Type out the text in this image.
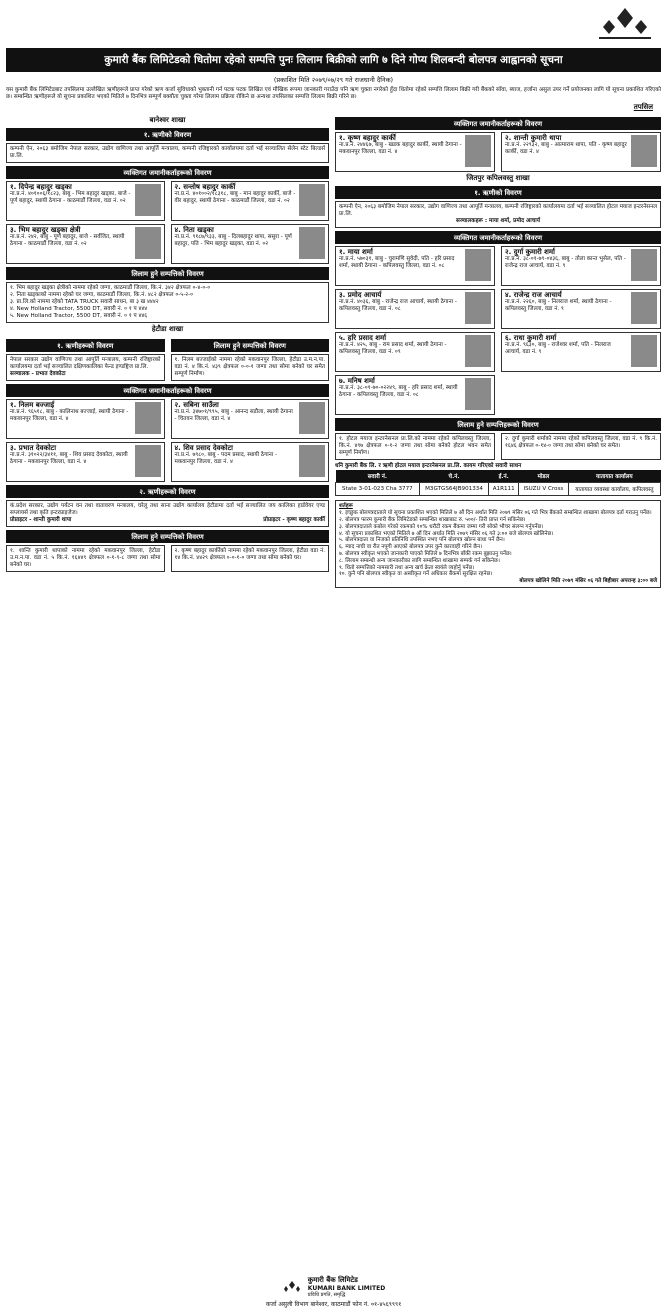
कुमारी बैंक लिमिटेडको धितोमा रहेको सम्पत्ति पुनः लिलाम बिक्रीको लागि ७ दिने गोप्य शिलबन्दी बोलपत्र आह्वानको सूचना
(प्रकाशित मिति २०७९/०७/२९ गते राजधानी दैनिक)
यस कुमारी बैंक लिमिटेडबाट तपसिलमा उल्लेखित ऋणीहरूले प्राप्त गरेको ऋण कर्जा सुविधाको भुक्तानी गर्न पटक पटक लिखित एवं मौखिक रूपमा जानकारी गराउँदा पनि ऋण चुक्ता नगरेको हुँदा धितोमा रहेको सम्पत्ति लिलाम बिक्री गरी बैंकको साँवा, ब्याज, हर्जाना असुल उपर गर्ने प्रयोजनका लागि यो सूचना प्रकाशित गरिएको छ। सम्बन्धित ऋणीहरूले यो सूचना प्रकाशित भएको मितिले ७ दिनभित्र सम्पूर्ण बक्यौता चुक्ता गरेमा लिलाम प्रक्रिया रोकिने छ अन्यथा तपसिलका सम्पत्ति लिलाम बिक्री गरिने छ।
तपसिल
बानेश्वर शाखा
१. ऋणीको विवरण
कम्पनी ऐन, २०६३ बमोजिम नेपाल सरकार, उद्योग वाणिज्य तथा आपूर्ति मन्त्रालय, कम्पनी रजिष्ट्रारको कार्यालयमा दर्ता भई सञ्चालित सेलेन स्टेट बिल्डर्स प्रा.लि.
व्यक्तिगत जमानीकर्ताहरूको विवरण
१. दिपेन्द्र बहादुर खड्का
ना.प्र.नं. ४०१००६/१८२३, बाबु - भिम बहादुर खड्का, बाजे - पूर्ण बहादुर, स्थायी ठेगाना - काठमाडौं जिल्ला, वडा नं. ०२
२. सन्तोष बहादुर कार्की
ना.प्र.नं. ४०१००२/१८३१८, बाबु - मान बहादुर कार्की, बाजे - वीर बहादुर, स्थायी ठेगाना - काठमाडौं जिल्ला, वडा नं. ०२
३. भिम बहादुर खड्का क्षेत्री
ना.प्र.नं. २४२, बाबु - पूर्ण बहादुर, बाजे - सर्वजित, स्थायी ठेगाना - काठमाडौं जिल्ला, वडा नं. ०२
४. निता खड्का
ना.प्र.नं. ९१८७/९३३, बाबु - दिलबहादुर थापा, ससुरा - पूर्ण बहादुर, पति - भिम बहादुर खड्का, वडा नं. ०२
लिलाम हुने सम्पत्तिको विवरण
१. भिम बहादुर खड्का क्षेत्रीको नाममा रहेको जग्गा, काठमाडौं जिल्ला, कि.नं. ३४२ क्षेत्रफल ०-४-०-०
२. निता खड्काको नाममा रहेको घर जग्गा, काठमाडौं जिल्ला, कि.नं. ४८२ क्षेत्रफल ०-५-२-०
३. प्रा.लि.को नाममा रहेको TATA TRUCK सवारी साधन, बा ३ ख ४४४२
४. New Holland Tractor, 5500 DT, सवारी नं. ० १ प ४४४
५. New Holland Tractor, 5500 DT, सवारी नं. ० १ प ४४६
हेटौडा शाखा
१. ऋणीहरूको विवरण
नेपाल सरकार उद्योग वाणिज्य तथा आपूर्ति मन्त्रालय, कम्पनी रजिष्ट्रारको कार्यालयमा दर्ता भई सञ्चालित दक्षिणकालिका फेन्ड इण्डष्ट्रिज प्रा.लि.
सञ्चालक - प्रभात देवकोटा
लिलाम हुने सम्पत्तिको विवरण
१. निलम बज्जाईको नाममा रहेको मकवानपुर जिल्ला, हेटौडा उ.म.न.पा. वडा नं. ४ कि.नं. ४३९ क्षेत्रफल ०-०-१ जग्गा तथा सोमा बनेको घर समेत सम्पूर्ण निर्माण।
व्यक्तिगत जमानीकर्ताहरूको विवरण
१. निलम बज्जाई
ना.प्र.नं. ९६५१८, बाबु - कालिनाथ बज्जाई, स्थायी ठेगाना - मकवानपुर जिल्ला, वडा नं. ४
२. सबिना साउँला
ना.प्र.नं. ३४७०१/९९५, बाबु - आनन्द सडौला, स्थायी ठेगाना - चितवन जिल्ला, वडा नं. ४
३. प्रभात देवकोटा
ना.प्र.नं. ३१०२२/३४११, बाबु - शिव प्रसाद देवकोटा, स्थायी ठेगाना - मकवानपुर जिल्ला, वडा नं. ४
४. शिव प्रसाद देवकोटा
ना.प्र.नं. ७९८०, बाबु - पदम प्रसाद, स्थायी ठेगाना - मकवानपुर जिल्ला, वडा नं. ४
२. ऋणीहरूको विवरण
कं.प्रदेश सरकार, उद्योग पर्यटन वन तथा वातावरण मन्त्रालय, घरेलु तथा साना उद्योग कार्यालय हेटौडामा दर्ता भई सञ्चालित जय कालिका हार्डवेयर एण्ड सप्लायर्स तथा कृति इन्टरप्राइजेज।
प्रोप्राइटर - शान्ती कुमारी थापा	प्रोप्राइटर - कृष्ण बहादुर कार्की
लिलाम हुने सम्पत्तिको विवरण
१. शान्ति कुमारी थापाको नाममा रहेको मकवानपुर जिल्ला, हेटौडा उ.म.न.पा. वडा नं. ५ कि.नं. १६४४९ क्षेत्रफल ०-१-९-८ जग्गा तथा सोमा बनेको घर।
२. कृष्ण बहादुर कार्कीको नाममा रहेको मकवानपुर जिल्ला, हेटौडा वडा नं. १४ कि.नं. ४४२९ क्षेत्रफल ०-०-१-० जग्गा तथा सोमा बनेको घर।
व्यक्तिगत जमानीकर्ताहरूको विवरण
१. कृष्ण बहादुर कार्की
ना.प्र.नं. २४४६७, बाबु - खडक बहादुर कार्की, स्थायी ठेगाना - मकवानपुर जिल्ला, वडा नं. ४
२. शान्ती कुमारी थापा
ना.प्र.नं. २२९३२, बाबु - आत्माराम थापा, पति - कृष्ण बहादुर कार्की, वडा नं. ४
जितपुर कपिलवस्तु शाखा
१. ऋणीको विवरण
कम्पनी ऐन, २०६३ बमोजिम नेपाल सरकार, उद्योग वाणिज्य तथा आपूर्ति मन्त्रालय, कम्पनी रजिष्ट्रारको कार्यालयमा दर्ता भई सञ्चालित होटल मयाज इन्टरनेसनल प्रा.लि.
सञ्चालकहरू : माया शर्मा, प्रमोद आचार्य
व्यक्तिगत जमानीकर्ताहरूको विवरण
१. माया शर्मा
ना.प्र.नं. ५७०३१, बाबु - चुरामणि सुवेदी, पति - हरि प्रसाद शर्मा, स्थायी ठेगाना - कपिलवस्तु जिल्ला, वडा नं. ०८
२. दुर्गा कुमारी शर्मा
ना.प्र.नं. ३८-०१-७९-०४३६, बाबु - तोला कान्त भुसेल, पति - राजेन्द्र राज आचार्य, वडा नं. ९
३. प्रमोद आचार्य
ना.प्र.नं. ४०३६, बाबु - राजेन्द्र राज आचार्य, स्थायी ठेगाना - कपिलवस्तु जिल्ला, वडा नं. ०८
४. राजेन्द्र राज आचार्य
ना.प्र.नं. २२६०, बाबु - निलराज शर्मा, स्थायी ठेगाना - कपिलवस्तु जिल्ला, वडा नं. ९
५. हरि प्रसाद शर्मा
ना.प्र.नं. ४२५, बाबु - राम प्रसाद शर्मा, स्थायी ठेगाना - कपिलवस्तु जिल्ला, वडा नं. ०९
६. राधा कुमारी शर्मा
ना.प्र.नं. ९६३०, बाबु - राजेश्वर शर्मा, पति - निलराज आचार्य, वडा नं. ९
७. मनिष शर्मा
ना.प्र.नं. ३८-०१-७०-०२२४९, बाबु - हरि प्रसाद शर्मा, स्थायी ठेगाना - कपिलवस्तु जिल्ला, वडा नं. ०८
लिलाम हुने सम्पत्तिहरूको विवरण
१. होटल मयाज इन्टरनेसनल प्रा.लि.को नाममा रहेको कपिलवस्तु जिल्ला, कि.नं. ४९७ क्षेत्रफल ०-१-२ जग्गा तथा सोमा बनेको होटल भवन समेत सम्पूर्ण निर्माण।
२. दुर्गा कुमारी शर्माको नाममा रहेको कपिलवस्तु जिल्ला, वडा नं. ९ कि.नं. १६४६ क्षेत्रफल ०-१४-० जग्गा तथा सोमा बनेको घर समेत।
धनि कुमारी बैंक लि. र ऋणी होटल मयाज इन्टरनेसनल प्रा.लि. कायम गरिएको सवारी साधन
सवारी नं.	चे.नं.	ई.नं.	मोडल	यातायात कार्यालय
State 3-01-023 Cha 3777	M3GTGS64JB901334	A1R111	ISUZU V Cross	यातायात व्यवस्था कार्यालय, कपिलवस्तु
शर्तहरू
१. इच्छुक बोलपत्रदाताले यो सूचना प्रकाशित भएको मितिले ७ औं दिन अर्थात मिति २०७९ मंसिर ०६ गते भित्र बैंकको सम्बन्धित शाखामा बोलपत्र दर्ता गराउनु पर्नेछ।
२. बोलपत्र फारम कुमारी बैंक लिमिटेडको सम्बन्धित शाखाबाट रु. ५००/- तिरी प्राप्त गर्न सकिनेछ।
३. बोलपत्रदाताले कबोल गरेको रकमको १०% धरौटी रकम बैंकमा जम्मा गरी सोको भौचर संलग्न गर्नुपर्नेछ।
४. यो सूचना प्रकाशित भएको मितिले ७ औं दिन अर्थात मिति २०७९ मंसिर ०६ गते ३:०० बजे बोलपत्र खोलिनेछ।
५. बोलपत्रदाता वा निजको प्रतिनिधि उपस्थित नभए पनि बोलपत्र खोल्न बाधा पर्ने छैन।
६. म्याद नाघी वा रीत नपुगी आएको बोलपत्र उपर कुनै कारवाही गरिने छैन।
७. बोलपत्र स्वीकृत भएको जानकारी पाएको मितिले ७ दिनभित्र बाँकी रकम बुझाउनु पर्नेछ।
८. लिलाम सम्बन्धी अन्य जानकारीका लागि सम्बन्धित शाखामा सम्पर्क गर्न सकिनेछ।
९. धितो सम्पत्तिको नामसारी तथा अन्य खर्च क्रेता स्वयंले व्यहोर्नु पर्नेछ।
१०. कुनै पनि बोलपत्र स्वीकृत वा अस्वीकृत गर्ने अधिकार बैंकमा सुरक्षित रहनेछ।
बोलपत्र खोलिने मिति २०७९ मंसिर ०६ गते बिहीबार अपरान्ह ३:०० बजे
कुमारी बैंक लिमिटेड
KUMARI BANK LIMITED
प्रविधि प्रगति, समृद्धि
कर्जा असुली विभाग बानेश्वर, काठमाडौं फोन नं. ०१-४५६९९९१
